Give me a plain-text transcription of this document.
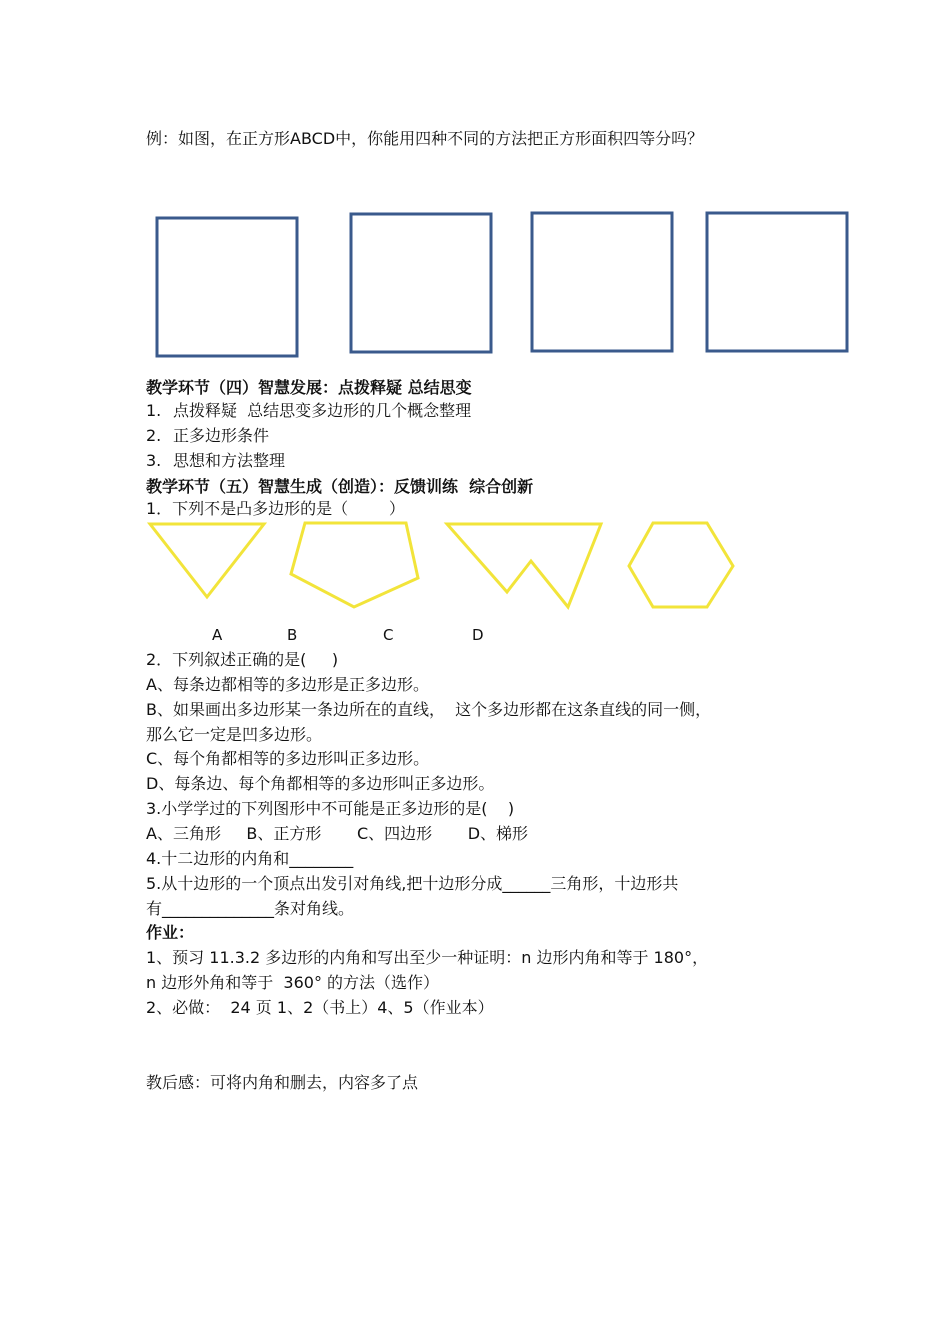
例：如图，在正方形ABCD中，你能用四种不同的方法把正方形面积四等分吗？
教学环节（四）智慧发展：点拨释疑 总结思变
1. 点拨释疑  总结思变多边形的几个概念整理
2. 正多边形条件
3. 思想和方法整理
教学环节（五）智慧生成（创造）：反馈训练  综合创新
1．下列不是凸多边形的是（        ）
A	B	C	D
2．下列叙述正确的是(     )
A、每条边都相等的多边形是正多边形。
B、如果画出多边形某一条边所在的直线，  这个多边形都在这条直线的同一侧，
那么它一定是凹多边形。
C、每个角都相等的多边形叫正多边形。
D、每条边、每个角都相等的多边形叫正多边形。
3.小学学过的下列图形中不可能是正多边形的是(    )
A、三角形     B、正方形       C、四边形       D、梯形
4.十二边形的内角和________
5.从十边形的一个顶点出发引对角线,把十边形分成______三角形，十边形共
有______________条对角线。
作业：
1、预习 11.3.2 多边形的内角和写出至少一种证明：n 边形内角和等于 180°，
n 边形外角和等于  360° 的方法（选作）
2、必做：  24 页 1、2（书上）4、5（作业本）
教后感：可将内角和删去，内容多了点
